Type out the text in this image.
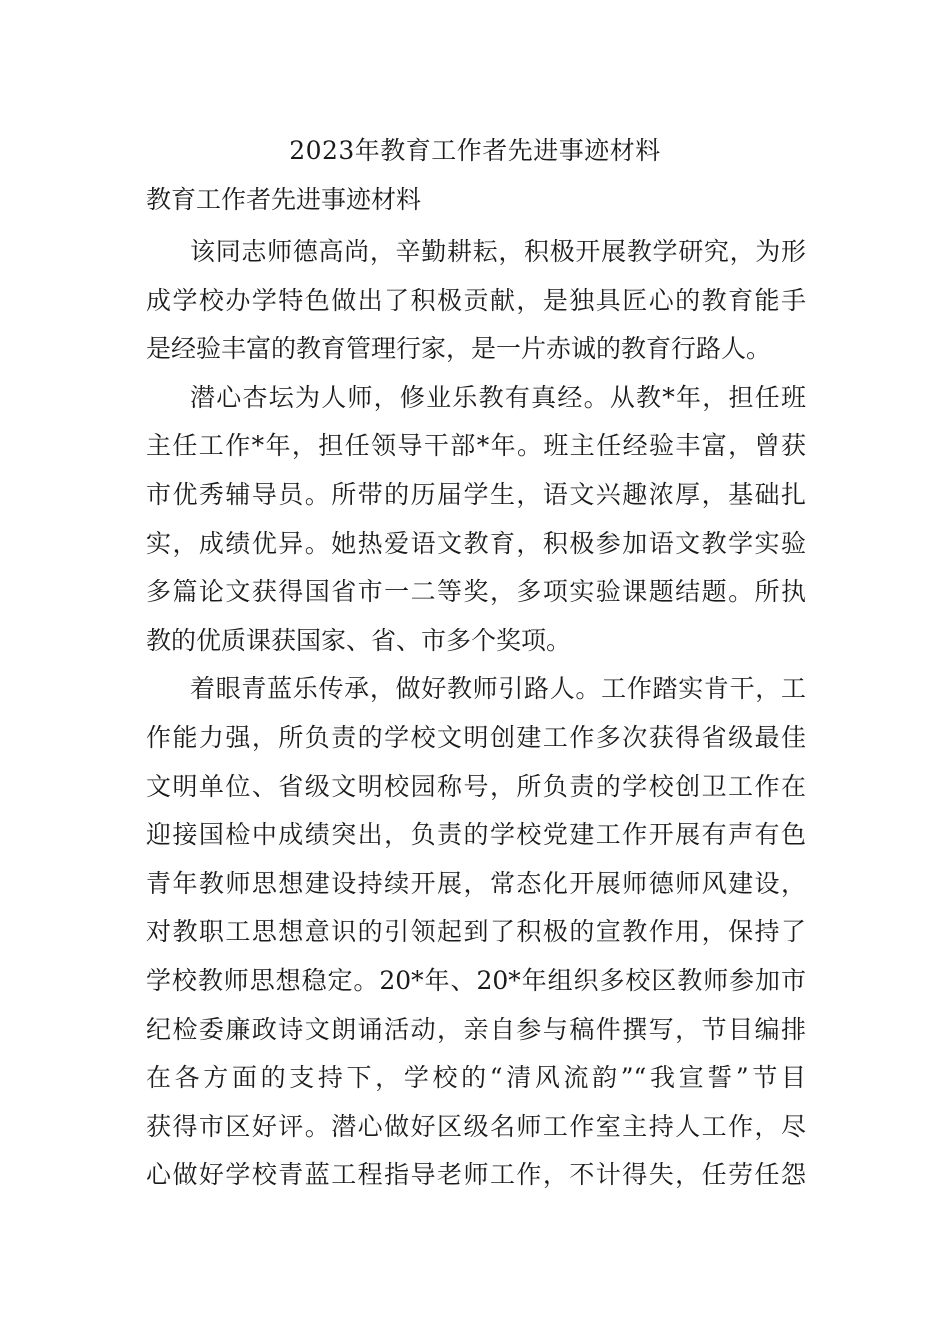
2023年教育工作者先进事迹材料
教育工作者先进事迹材料
该同志师德高尚，辛勤耕耘，积极开展教学研究，为形
成学校办学特色做出了积极贡献，是独具匠心的教育能手
是经验丰富的教育管理行家，是一片赤诚的教育行路人。
潜心杏坛为人师，修业乐教有真经。从教*年，担任班
主任工作*年，担任领导干部*年。班主任经验丰富，曾获
市优秀辅导员。所带的历届学生，语文兴趣浓厚，基础扎
实，成绩优异。她热爱语文教育，积极参加语文教学实验
多篇论文获得国省市一二等奖，多项实验课题结题。所执
教的优质课获国家、省、市多个奖项。
着眼青蓝乐传承，做好教师引路人。工作踏实肯干，工
作能力强，所负责的学校文明创建工作多次获得省级最佳
文明单位、省级文明校园称号，所负责的学校创卫工作在
迎接国检中成绩突出，负责的学校党建工作开展有声有色
青年教师思想建设持续开展，常态化开展师德师风建设，
对教职工思想意识的引领起到了积极的宣教作用，保持了
学校教师思想稳定。20*年、20*年组织多校区教师参加市
纪检委廉政诗文朗诵活动，亲自参与稿件撰写，节目编排
在各方面的支持下，学校的“清风流韵”“我宣誓”节目
获得市区好评。潜心做好区级名师工作室主持人工作，尽
心做好学校青蓝工程指导老师工作，不计得失，任劳任怨
